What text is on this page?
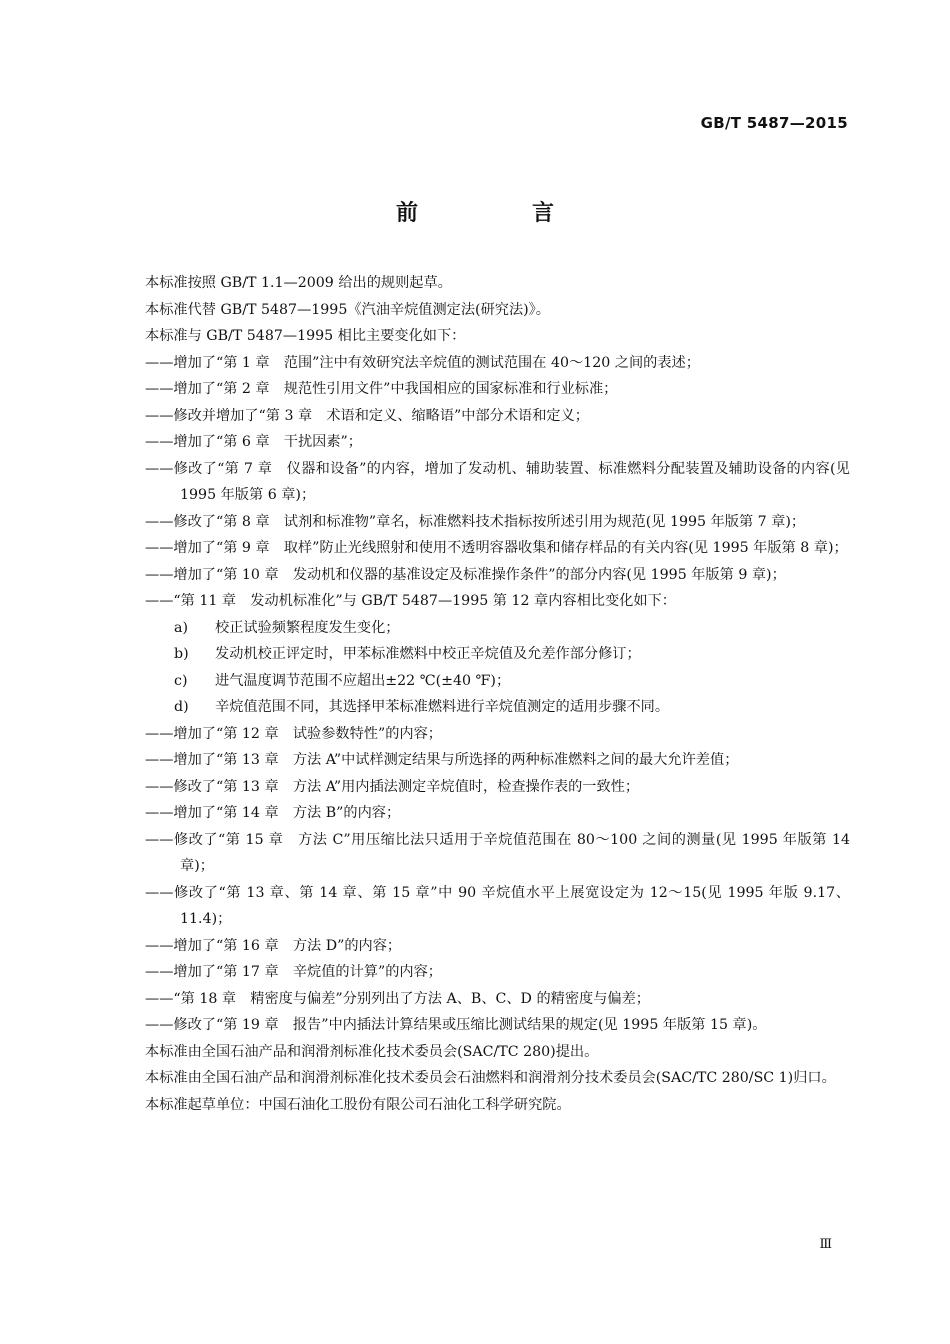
GB/T 5487—2015
前　言

本标准按照 GB/T 1.1—2009 给出的规则起草。

本标准代替 GB/T 5487—1995《汽油辛烷值测定法(研究法)》。

本标准与 GB/T 5487—1995 相比主要变化如下：

——增加了“第 1 章　范围”注中有效研究法辛烷值的测试范围在 40～120 之间的表述；

——增加了“第 2 章　规范性引用文件”中我国相应的国家标准和行业标准；

——修改并增加了“第 3 章　术语和定义、缩略语”中部分术语和定义；

——增加了“第 6 章　干扰因素”；

——修改了“第 7 章　仪器和设备”的内容，增加了发动机、辅助装置、标准燃料分配装置及辅助设备的内容(见 1995 年版第 6 章)；

——修改了“第 8 章　试剂和标准物”章名，标准燃料技术指标按所述引用为规范(见 1995 年版第 7 章)；

——增加了“第 9 章　取样”防止光线照射和使用不透明容器收集和储存样品的有关内容(见 1995 年版第 8 章)；

——增加了“第 10 章　发动机和仪器的基准设定及标准操作条件”的部分内容(见 1995 年版第 9 章)；

——“第 11 章　发动机标准化”与 GB/T 5487—1995 第 12 章内容相比变化如下：

a) 校正试验频繁程度发生变化；

b) 发动机校正评定时，甲苯标准燃料中校正辛烷值及允差作部分修订；

c) 进气温度调节范围不应超出±22 ℃(±40 ℉)；

d) 辛烷值范围不同，其选择甲苯标准燃料进行辛烷值测定的适用步骤不同。

——增加了“第 12 章　试验参数特性”的内容；

——增加了“第 13 章　方法 A”中试样测定结果与所选择的两种标准燃料之间的最大允许差值；

——修改了“第 13 章　方法 A”用内插法测定辛烷值时，检查操作表的一致性；

——增加了“第 14 章　方法 B”的内容；

——修改了“第 15 章　方法 C”用压缩比法只适用于辛烷值范围在 80～100 之间的测量(见 1995 年版第 14 章)；

——修改了“第 13 章、第 14 章、第 15 章”中 90 辛烷值水平上展宽设定为 12～15(见 1995 年版 9.17、11.4)；

——增加了“第 16 章　方法 D”的内容；

——增加了“第 17 章　辛烷值的计算”的内容；

——“第 18 章　精密度与偏差”分别列出了方法 A、B、C、D 的精密度与偏差；

——修改了“第 19 章　报告”中内插法计算结果或压缩比测试结果的规定(见 1995 年版第 15 章)。

本标准由全国石油产品和润滑剂标准化技术委员会(SAC/TC 280)提出。

本标准由全国石油产品和润滑剂标准化技术委员会石油燃料和润滑剂分技术委员会(SAC/TC 280/SC 1)归口。

本标准起草单位：中国石油化工股份有限公司石油化工科学研究院。

Ⅲ
